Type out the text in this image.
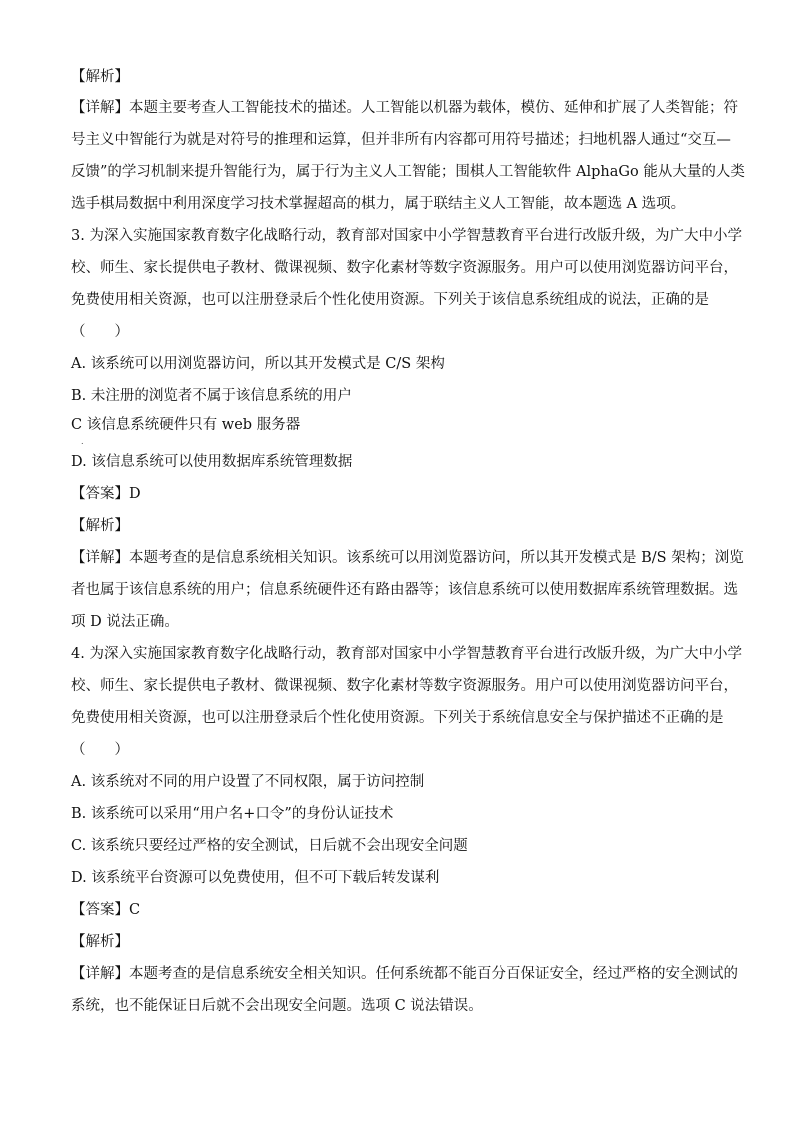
【解析】
【详解】本题主要考查人工智能技术的描述。人工智能以机器为载体，模仿、延伸和扩展了人类智能；符
号主义中智能行为就是对符号的推理和运算，但并非所有内容都可用符号描述；扫地机器人通过“交互—
反馈”的学习机制来提升智能行为，属于行为主义人工智能；围棋人工智能软件 AlphaGo 能从大量的人类
选手棋局数据中利用深度学习技术掌握超高的棋力，属于联结主义人工智能，故本题选 A 选项。
3. 为深入实施国家教育数字化战略行动，教育部对国家中小学智慧教育平台进行改版升级，为广大中小学
校、师生、家长提供电子教材、微课视频、数字化素材等数字资源服务。用户可以使用浏览器访问平台，
免费使用相关资源，也可以注册登录后个性化使用资源。下列关于该信息系统组成的说法，正确的是
（　　）
A. 该系统可以用浏览器访问，所以其开发模式是 C/S 架构
B. 未注册的浏览者不属于该信息系统的用户
C 该信息系统硬件只有 web 服务器
.
D. 该信息系统可以使用数据库系统管理数据
【答案】D
【解析】
【详解】本题考查的是信息系统相关知识。该系统可以用浏览器访问，所以其开发模式是 B/S 架构；浏览
者也属于该信息系统的用户；信息系统硬件还有路由器等；该信息系统可以使用数据库系统管理数据。选
项 D 说法正确。
4. 为深入实施国家教育数字化战略行动，教育部对国家中小学智慧教育平台进行改版升级，为广大中小学
校、师生、家长提供电子教材、微课视频、数字化素材等数字资源服务。用户可以使用浏览器访问平台，
免费使用相关资源，也可以注册登录后个性化使用资源。下列关于系统信息安全与保护描述不正确的是
（　　）
A. 该系统对不同的用户设置了不同权限，属于访问控制
B. 该系统可以采用“用户名+口令”的身份认证技术
C. 该系统只要经过严格的安全测试，日后就不会出现安全问题
D. 该系统平台资源可以免费使用，但不可下载后转发谋利
【答案】C
【解析】
【详解】本题考查的是信息系统安全相关知识。任何系统都不能百分百保证安全，经过严格的安全测试的
系统，也不能保证日后就不会出现安全问题。选项 C 说法错误。
